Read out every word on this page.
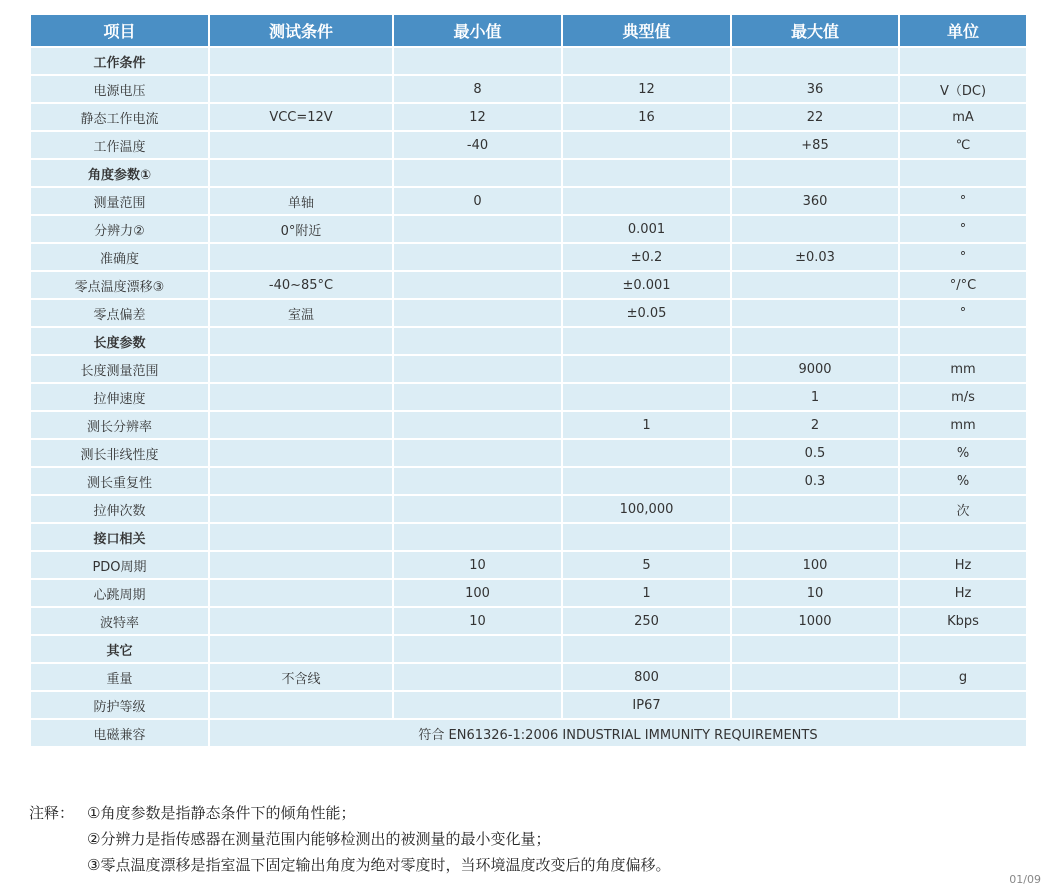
项目	测试条件	最小值	典型值	最大值	单位
工作条件					
电源电压		8	12	36	V（DC)
静态工作电流	VCC=12V	12	16	22	mA
工作温度		-40		+85	℃
角度参数①					
测量范围	单轴	0		360	°
分辨力②	0°附近		0.001		°
准确度			±0.2	±0.03	°
零点温度漂移③	-40~85°C		±0.001		°/°C
零点偏差	室温		±0.05		°
长度参数					
长度测量范围				9000	mm
拉伸速度				1	m/s
测长分辨率			1	2	mm
测长非线性度				0.5	%
测长重复性				0.3	%
拉伸次数			100,000		次
接口相关					
PDO周期		10	5	100	Hz
心跳周期		100	1	10	Hz
波特率		10	250	1000	Kbps
其它					
重量	不含线		800		g
防护等级			IP67		
电磁兼容	符合 EN61326-1:2006 INDUSTRIAL IMMUNITY REQUIREMENTS				
注释： ①角度参数是指静态条件下的倾角性能；
②分辨力是指传感器在测量范围内能够检测出的被测量的最小变化量；
③零点温度漂移是指室温下固定输出角度为绝对零度时，当环境温度改变后的角度偏移。
01/09
